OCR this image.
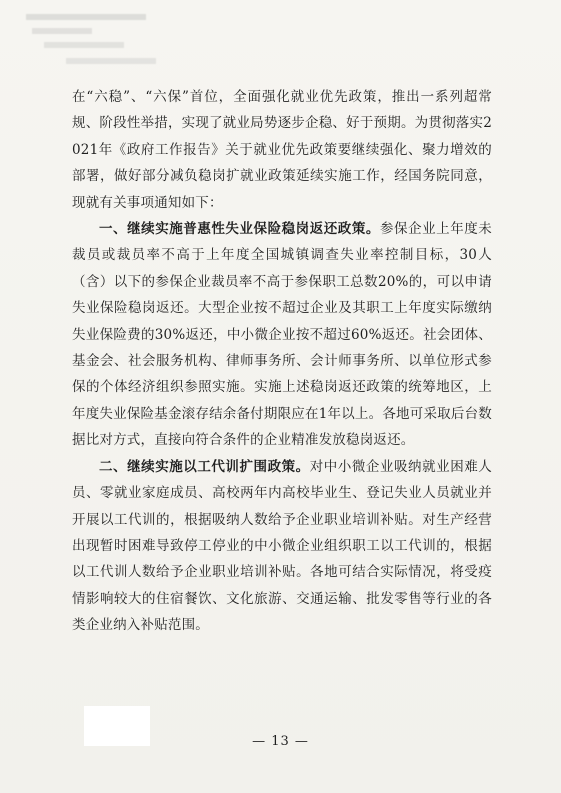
在“六稳”、“六保”首位，全面强化就业优先政策，推出一系列超常规、阶段性举措，实现了就业局势逐步企稳、好于预期。为贯彻落实2021年《政府工作报告》关于就业优先政策要继续强化、聚力增效的部署，做好部分减负稳岗扩就业政策延续实施工作，经国务院同意，现就有关事项通知如下：

一、继续实施普惠性失业保险稳岗返还政策。参保企业上年度未裁员或裁员率不高于上年度全国城镇调查失业率控制目标，30人（含）以下的参保企业裁员率不高于参保职工总数20%的，可以申请失业保险稳岗返还。大型企业按不超过企业及其职工上年度实际缴纳失业保险费的30%返还，中小微企业按不超过60%返还。社会团体、基金会、社会服务机构、律师事务所、会计师事务所、以单位形式参保的个体经济组织参照实施。实施上述稳岗返还政策的统筹地区，上年度失业保险基金滚存结余备付期限应在1年以上。各地可采取后台数据比对方式，直接向符合条件的企业精准发放稳岗返还。

二、继续实施以工代训扩围政策。对中小微企业吸纳就业困难人员、零就业家庭成员、高校两年内高校毕业生、登记失业人员就业并开展以工代训的，根据吸纳人数给予企业职业培训补贴。对生产经营出现暂时困难导致停工停业的中小微企业组织职工以工代训的，根据以工代训人数给予企业职业培训补贴。各地可结合实际情况，将受疫情影响较大的住宿餐饮、文化旅游、交通运输、批发零售等行业的各类企业纳入补贴范围。

— 13 —
